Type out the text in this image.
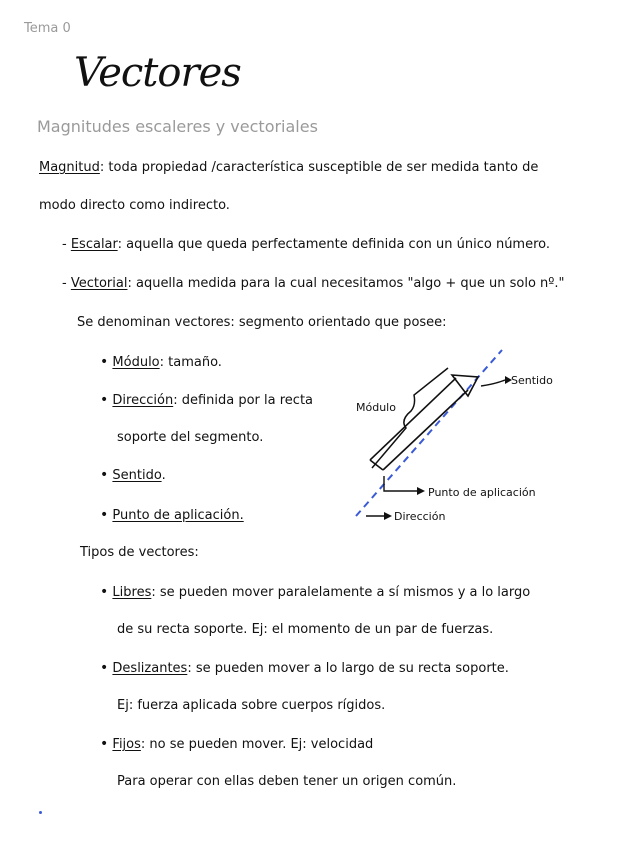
Tema 0
Vectores
Magnitudes escaleres y vectoriales
Magnitud: toda propiedad /característica susceptible de ser medida tanto de
modo directo como indirecto.
- Escalar: aquella que queda perfectamente definida con un único número.
- Vectorial: aquella medida para la cual necesitamos "algo + que un solo nº."
Se denominan vectores: segmento orientado que posee:
• Módulo: tamaño.
• Dirección: definida por la recta
soporte del segmento.
• Sentido.
• Punto de aplicación.
Módulo
Sentido
Punto de aplicación
Dirección
Tipos de vectores:
• Libres: se pueden mover paralelamente a sí mismos y a lo largo
de su recta soporte. Ej: el momento de un par de fuerzas.
• Deslizantes: se pueden mover a lo largo de su recta soporte.
Ej: fuerza aplicada sobre cuerpos rígidos.
• Fijos: no se pueden mover. Ej: velocidad
Para operar con ellas deben tener un origen común.
